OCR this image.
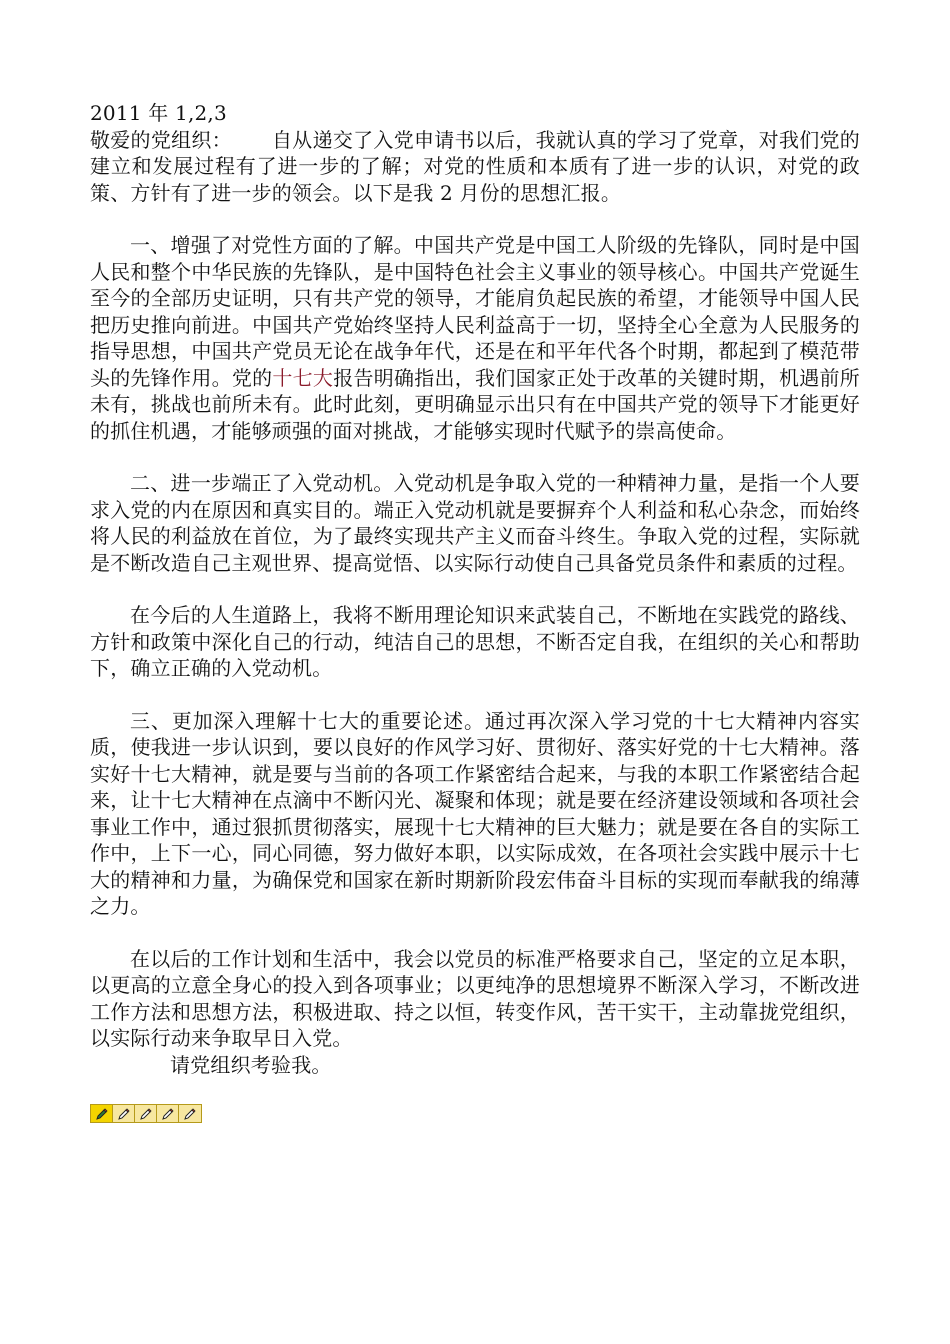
2011 年 1,2,3

敬爱的党组织： 自从递交了入党申请书以后，我就认真的学习了党章，对我们党的建立和发展过程有了进一步的了解；对党的性质和本质有了进一步的认识，对党的政策、方针有了进一步的领会。以下是我 2 月份的思想汇报。

一、增强了对党性方面的了解。中国共产党是中国工人阶级的先锋队，同时是中国人民和整个中华民族的先锋队，是中国特色社会主义事业的领导核心。中国共产党诞生至今的全部历史证明，只有共产党的领导，才能肩负起民族的希望，才能领导中国人民把历史推向前进。中国共产党始终坚持人民利益高于一切，坚持全心全意为人民服务的指导思想，中国共产党员无论在战争年代，还是在和平年代各个时期，都起到了模范带头的先锋作用。党的十七大报告明确指出，我们国家正处于改革的关键时期，机遇前所未有，挑战也前所未有。此时此刻，更明确显示出只有在中国共产党的领导下才能更好的抓住机遇，才能够顽强的面对挑战，才能够实现时代赋予的崇高使命。

二、进一步端正了入党动机。入党动机是争取入党的一种精神力量，是指一个人要求入党的内在原因和真实目的。端正入党动机就是要摒弃个人利益和私心杂念，而始终将人民的利益放在首位，为了最终实现共产主义而奋斗终生。争取入党的过程，实际就是不断改造自己主观世界、提高觉悟、以实际行动使自己具备党员条件和素质的过程。

在今后的人生道路上，我将不断用理论知识来武装自己，不断地在实践党的路线、方针和政策中深化自己的行动，纯洁自己的思想，不断否定自我，在组织的关心和帮助下，确立正确的入党动机。

三、更加深入理解十七大的重要论述。通过再次深入学习党的十七大精神内容实质，使我进一步认识到，要以良好的作风学习好、贯彻好、落实好党的十七大精神。落实好十七大精神，就是要与当前的各项工作紧密结合起来，与我的本职工作紧密结合起来，让十七大精神在点滴中不断闪光、凝聚和体现；就是要在经济建设领域和各项社会事业工作中，通过狠抓贯彻落实，展现十七大精神的巨大魅力；就是要在各自的实际工作中，上下一心，同心同德，努力做好本职，以实际成效，在各项社会实践中展示十七大的精神和力量，为确保党和国家在新时期新阶段宏伟奋斗目标的实现而奉献我的绵薄之力。

在以后的工作计划和生活中，我会以党员的标准严格要求自己，坚定的立足本职，以更高的立意全身心的投入到各项事业；以更纯净的思想境界不断深入学习，不断改进工作方法和思想方法，积极进取、持之以恒，转变作风，苦干实干，主动靠拢党组织，以实际行动来争取早日入党。

请党组织考验我。
